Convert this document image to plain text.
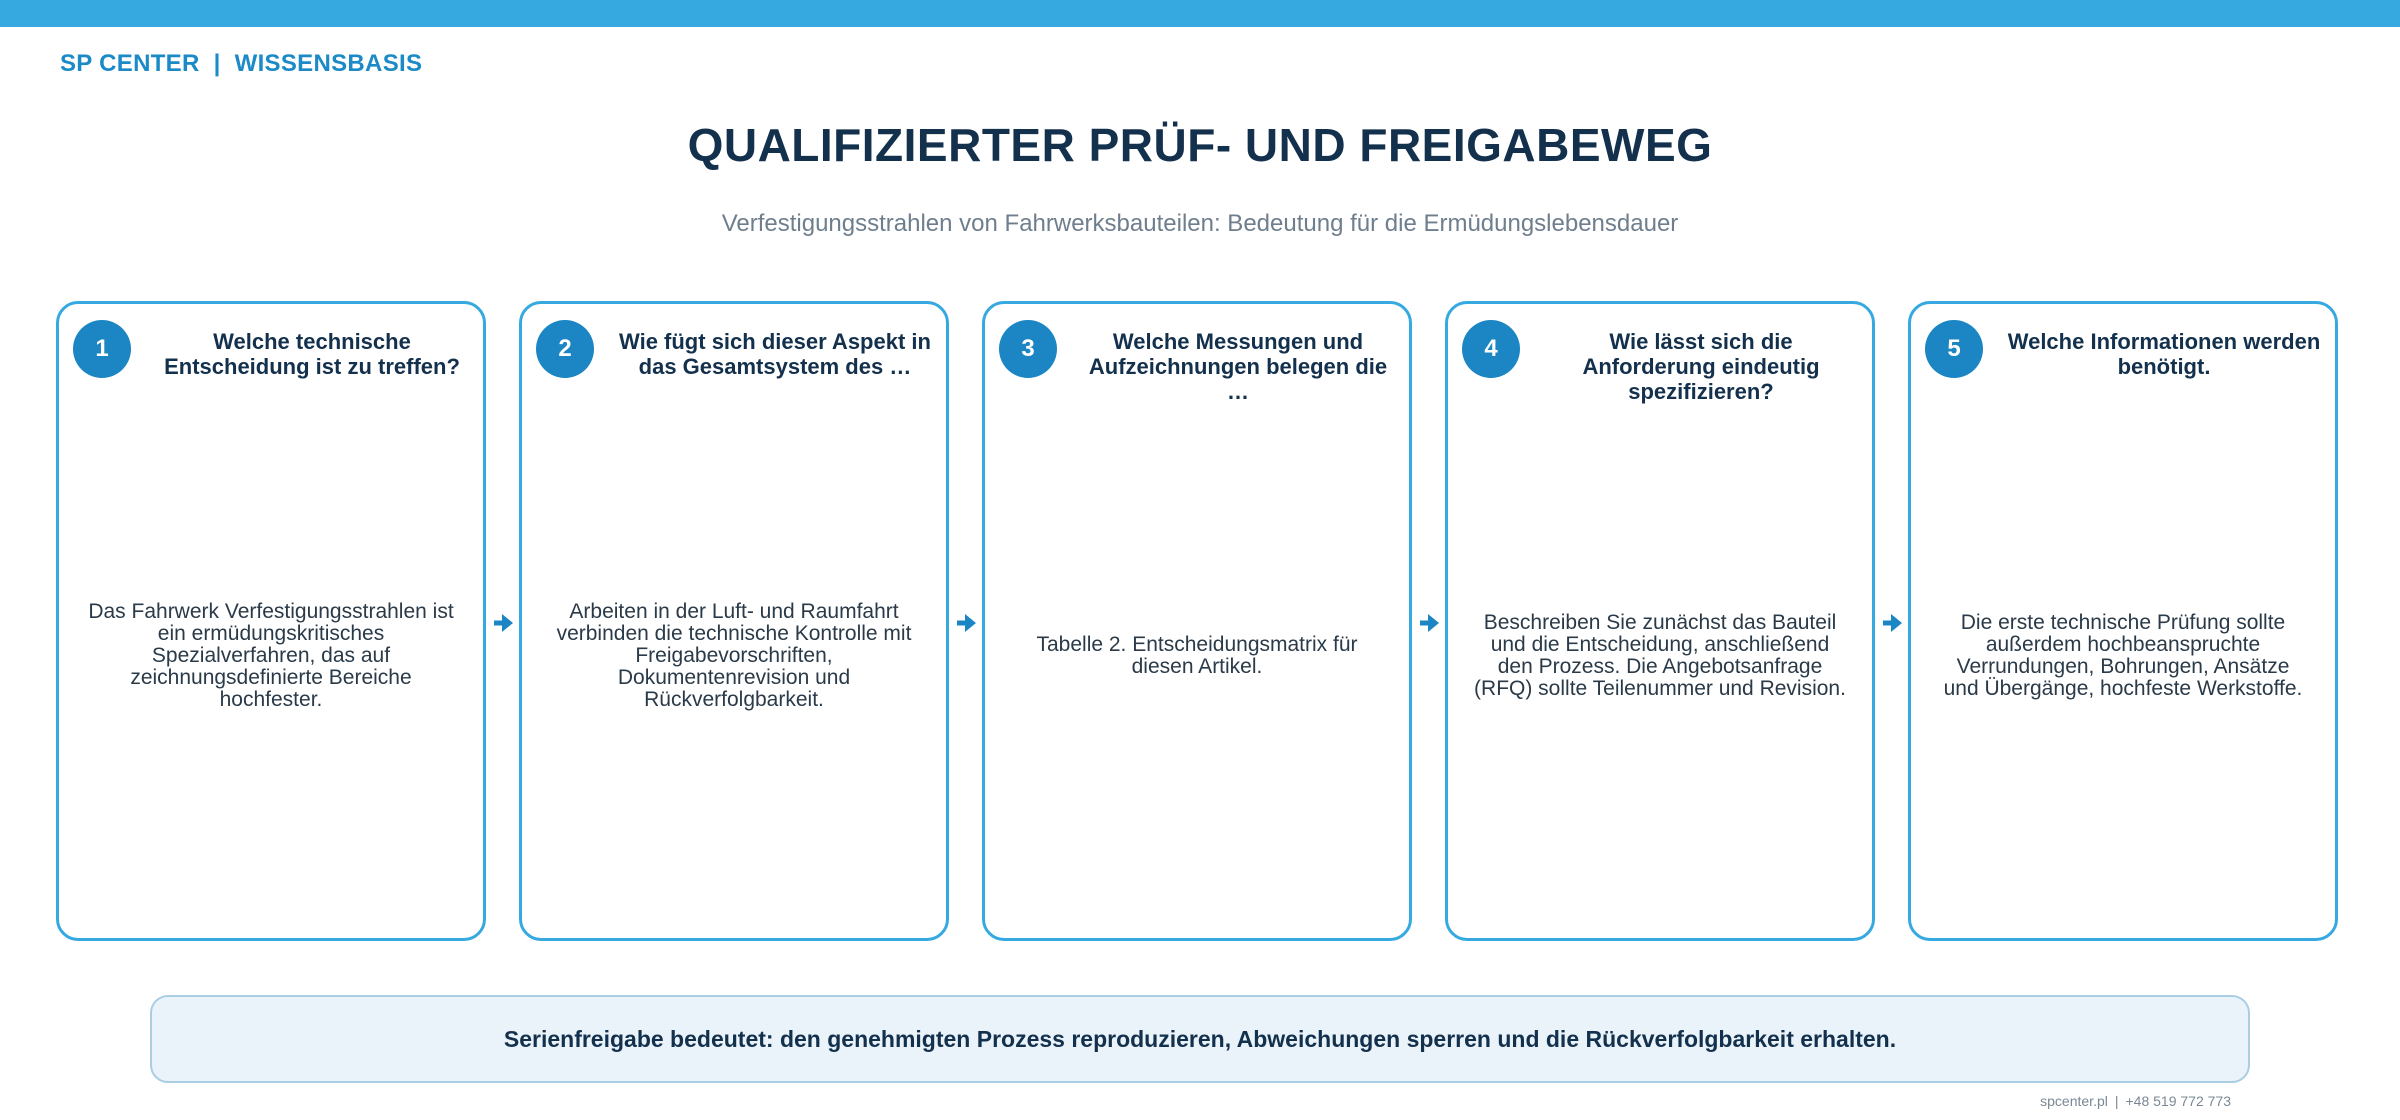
SP CENTER | WISSENSBASIS
QUALIFIZIERTER PRÜF- UND FREIGABEWEG
Verfestigungsstrahlen von Fahrwerksbauteilen: Bedeutung für die Ermüdungslebensdauer
1	Welche technische Entscheidung ist zu treffen?
Das Fahrwerk Verfestigungsstrahlen ist ein ermüdungskritisches Spezialverfahren, das auf zeichnungsdefinierte Bereiche hochfester.
2	Wie fügt sich dieser Aspekt in das Gesamtsystem des …
Arbeiten in der Luft- und Raumfahrt verbinden die technische Kontrolle mit Freigabevorschriften, Dokumentenrevision und Rückverfolgbarkeit.
3	Welche Messungen und Aufzeichnungen belegen die …
Tabelle 2. Entscheidungsmatrix für diesen Artikel.
4	Wie lässt sich die Anforderung eindeutig spezifizieren?
Beschreiben Sie zunächst das Bauteil und die Entscheidung, anschließend den Prozess. Die Angebotsanfrage (RFQ) sollte Teilenummer und Revision.
5	Welche Informationen werden benötigt.
Die erste technische Prüfung sollte außerdem hochbeanspruchte Verrundungen, Bohrungen, Ansätze und Übergänge, hochfeste Werkstoffe.
Serienfreigabe bedeutet: den genehmigten Prozess reproduzieren, Abweichungen sperren und die Rückverfolgbarkeit erhalten.
spcenter.pl | +48 519 772 773
